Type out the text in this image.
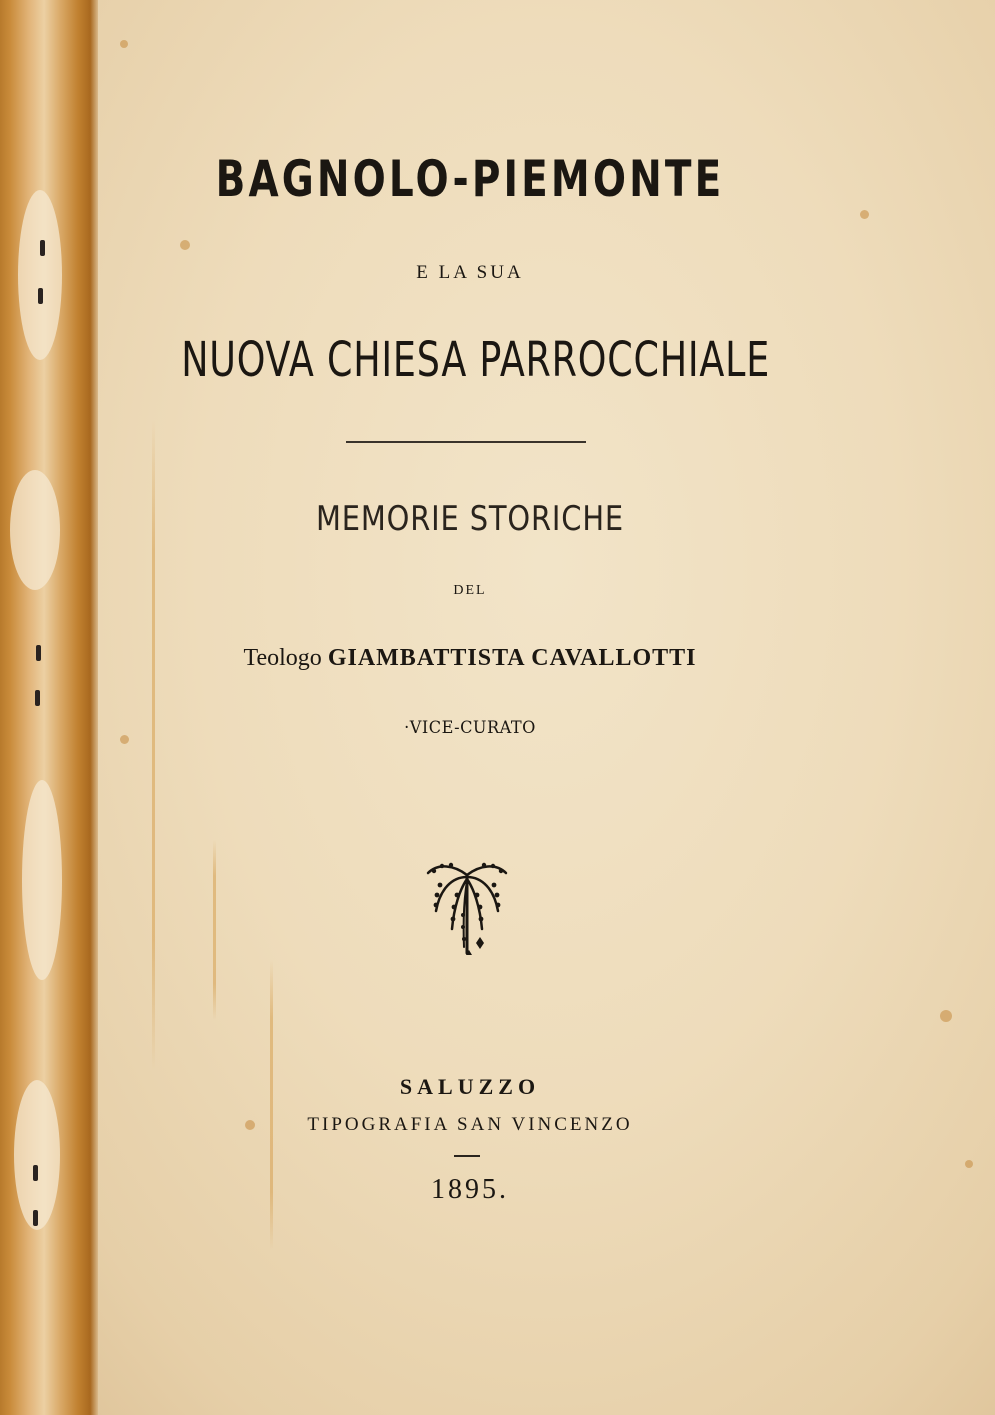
BAGNOLO-PIEMONTE
E LA SUA
NUOVA CHIESA PARROCCHIALE
MEMORIE STORICHE
DEL
Teologo GIAMBATTISTA CAVALLOTTI
·VICE-CURATO
SALUZZO
TIPOGRAFIA SAN VINCENZO
1895.
